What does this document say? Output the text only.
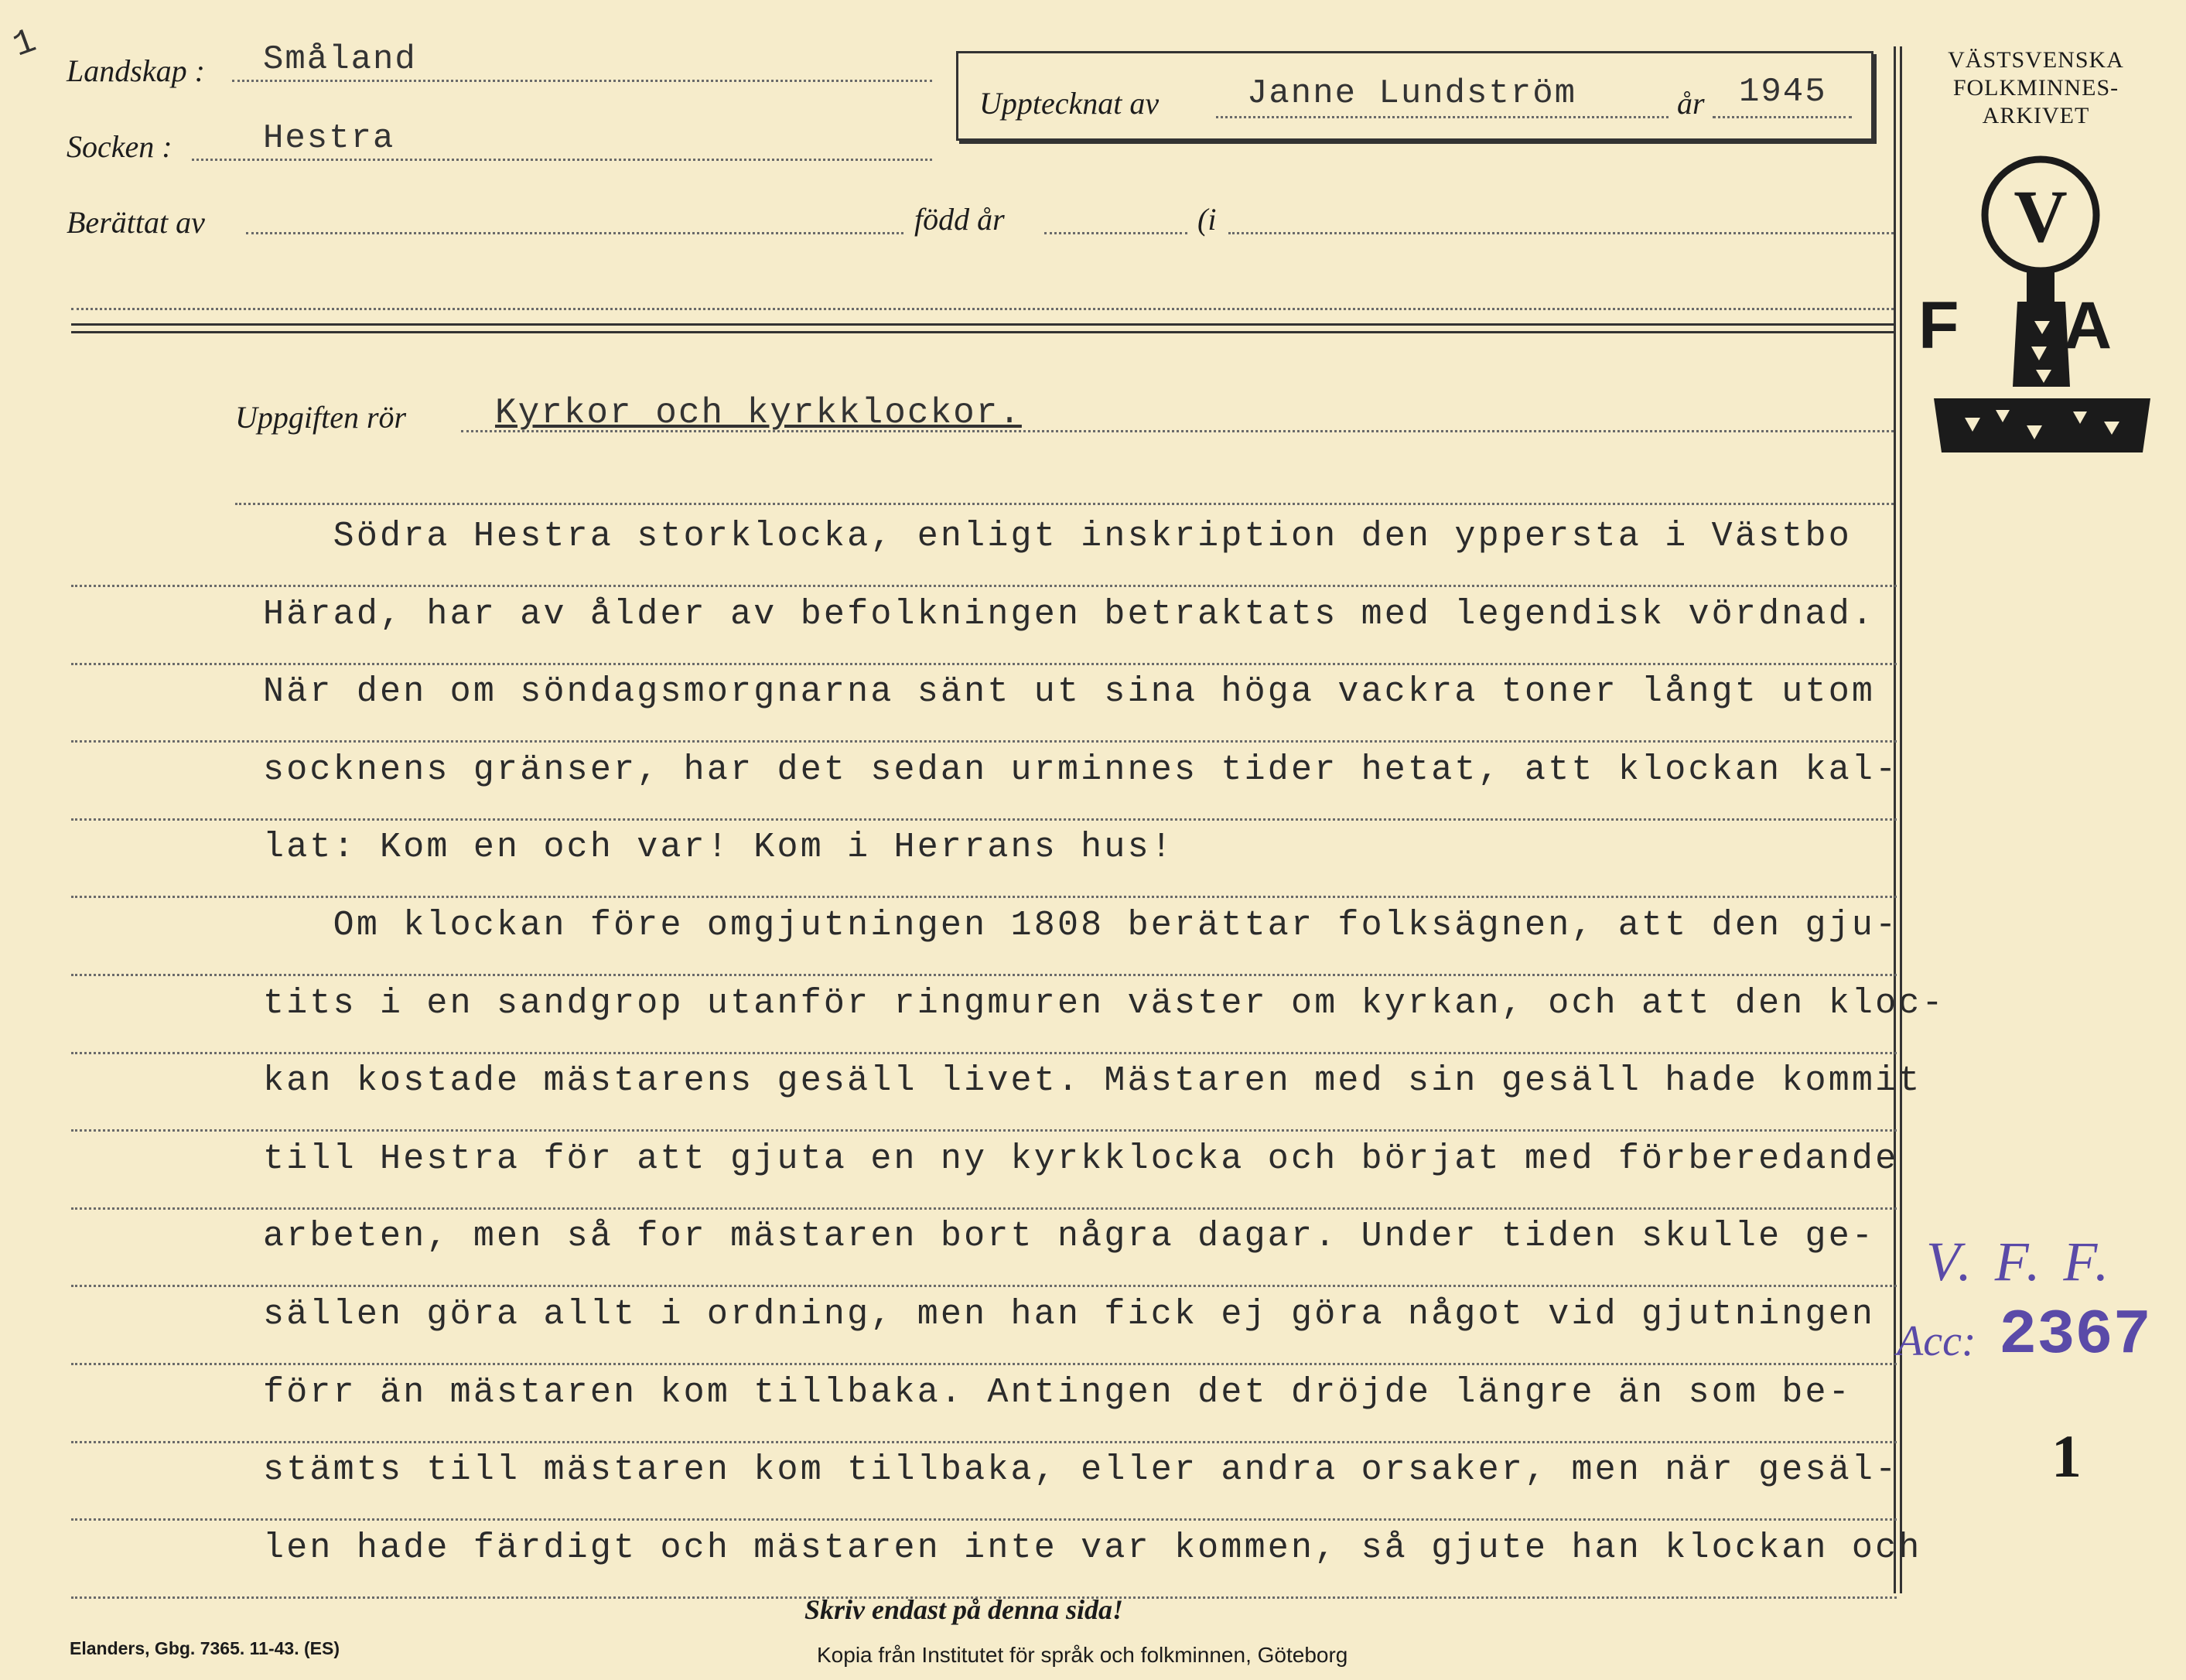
1
Landskap : Småland
Socken :	Hestra
Upptecknat av	Janne Lundström	år 1945
Berättat av	född år	(i
VÄSTSVENSKA
FOLKMINNES-
ARKIVET
V
F A
Uppgiften rör Kyrkor och kyrkklockor.
Södra Hestra storklocka, enligt inskription den yppersta i Västbo
Härad, har av ålder av befolkningen betraktats med legendisk vördnad.
När den om söndagsmorgnarna sänt ut sina höga vackra toner långt utom
socknens gränser, har det sedan urminnes tider hetat, att klockan kal-
lat: Kom en och var! Kom i Herrans hus!
Om klockan före omgjutningen 1808 berättar folksägnen, att den gju-
tits i en sandgrop utanför ringmuren väster om kyrkan, och att den kloc-
kan kostade mästarens gesäll livet. Mästaren med sin gesäll hade kommit
till Hestra för att gjuta en ny kyrkklocka och börjat med förberedande
arbeten, men så for mästaren bort några dagar. Under tiden skulle ge-
sällen göra allt i ordning, men han fick ej göra något vid gjutningen
förr än mästaren kom tillbaka. Antingen det dröjde längre än som be-
stämts till mästaren kom tillbaka, eller andra orsaker, men när gesäl-
len hade färdigt och mästaren inte var kommen, så gjute han klockan och
V. F. F.
Acc: 2367
1
Skriv endast på denna sida!
Elanders, Gbg. 7365. 11-43. (ES)	Kopia från Institutet för språk och folkminnen, Göteborg
